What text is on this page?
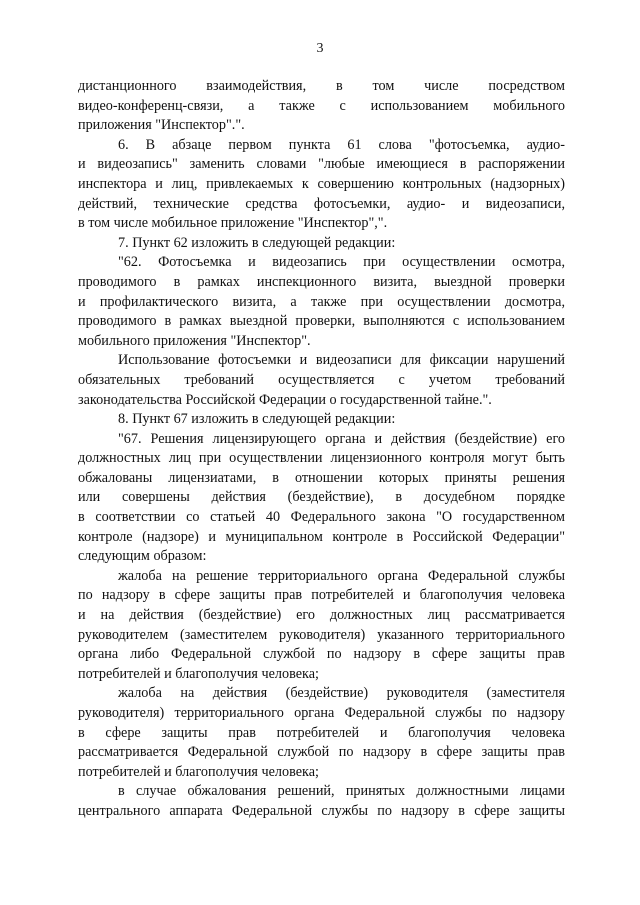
3

дистанционного взаимодействия, в том числе посредством

видео-конференц-связи, а также с использованием мобильного

приложения "Инспектор".".

6. В абзаце первом пункта 61 слова "фотосъемка, аудио-

и видеозапись" заменить словами "любые имеющиеся в распоряжении

инспектора и лиц, привлекаемых к совершению контрольных (надзорных)

действий, технические средства фотосъемки, аудио- и видеозаписи,

в том числе мобильное приложение "Инспектор",".

7. Пункт 62 изложить в следующей редакции:

"62. Фотосъемка и видеозапись при осуществлении осмотра,

проводимого в рамках инспекционного визита, выездной проверки

и профилактического визита, а также при осуществлении досмотра,

проводимого в рамках выездной проверки, выполняются с использованием

мобильного приложения "Инспектор".

Использование фотосъемки и видеозаписи для фиксации нарушений

обязательных требований осуществляется с учетом требований

законодательства Российской Федерации о государственной тайне.".

8. Пункт 67 изложить в следующей редакции:

"67. Решения лицензирующего органа и действия (бездействие) его

должностных лиц при осуществлении лицензионного контроля могут быть

обжалованы лицензиатами, в отношении которых приняты решения

или совершены действия (бездействие), в досудебном порядке

в соответствии со статьей 40 Федерального закона "О государственном

контроле (надзоре) и муниципальном контроле в Российской Федерации"

следующим образом:

жалоба на решение территориального органа Федеральной службы

по надзору в сфере защиты прав потребителей и благополучия человека

и на действия (бездействие) его должностных лиц рассматривается

руководителем (заместителем руководителя) указанного территориального

органа либо Федеральной службой по надзору в сфере защиты прав

потребителей и благополучия человека;

жалоба на действия (бездействие) руководителя (заместителя

руководителя) территориального органа Федеральной службы по надзору

в сфере защиты прав потребителей и благополучия человека

рассматривается Федеральной службой по надзору в сфере защиты прав

потребителей и благополучия человека;

в случае обжалования решений, принятых должностными лицами

центрального аппарата Федеральной службы по надзору в сфере защиты
